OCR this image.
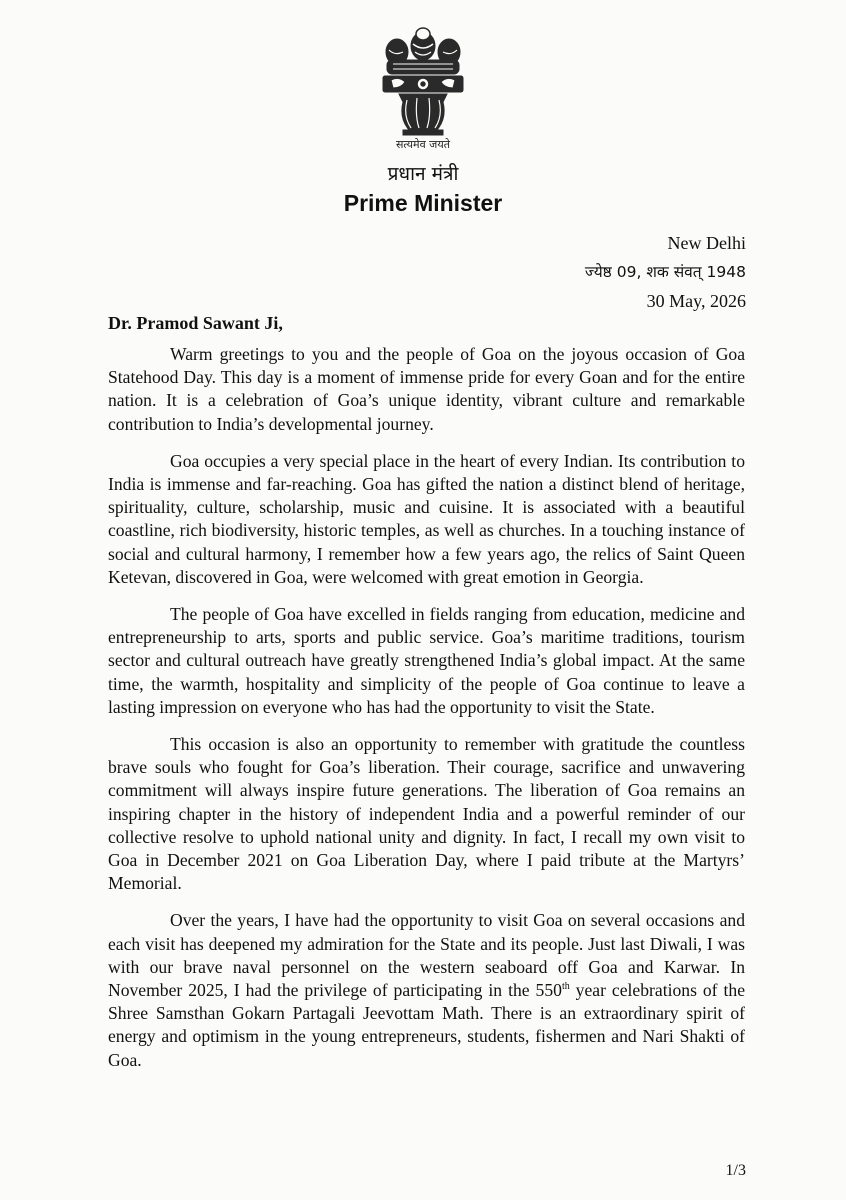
सत्यमेव जयते
प्रधान मंत्री
Prime Minister
New Delhi
ज्येष्ठ 09, शक संवत् 1948
30 May, 2026
Dr. Pramod Sawant Ji,

Warm greetings to you and the people of Goa on the joyous occasion of Goa Statehood Day. This day is a moment of immense pride for every Goan and for the entire nation. It is a celebration of Goa’s unique identity, vibrant culture and remarkable contribution to India’s developmental journey.

Goa occupies a very special place in the heart of every Indian. Its contribution to India is immense and far-reaching. Goa has gifted the nation a distinct blend of heritage, spirituality, culture, scholarship, music and cuisine. It is associated with a beautiful coastline, rich biodiversity, historic temples, as well as churches. In a touching instance of social and cultural harmony, I remember how a few years ago, the relics of Saint Queen Ketevan, discovered in Goa, were welcomed with great emotion in Georgia.

The people of Goa have excelled in fields ranging from education, medicine and entrepreneurship to arts, sports and public service. Goa’s maritime traditions, tourism sector and cultural outreach have greatly strengthened India’s global impact. At the same time, the warmth, hospitality and simplicity of the people of Goa continue to leave a lasting impression on everyone who has had the opportunity to visit the State.

This occasion is also an opportunity to remember with gratitude the countless brave souls who fought for Goa’s liberation. Their courage, sacrifice and unwavering commitment will always inspire future generations. The liberation of Goa remains an inspiring chapter in the history of independent India and a powerful reminder of our collective resolve to uphold national unity and dignity. In fact, I recall my own visit to Goa in December 2021 on Goa Liberation Day, where I paid tribute at the Martyrs’ Memorial.

Over the years, I have had the opportunity to visit Goa on several occasions and each visit has deepened my admiration for the State and its people. Just last Diwali, I was with our brave naval personnel on the western seaboard off Goa and Karwar. In November 2025, I had the privilege of participating in the 550th year celebrations of the Shree Samsthan Gokarn Partagali Jeevottam Math. There is an extraordinary spirit of energy and optimism in the young entrepreneurs, students, fishermen and Nari Shakti of Goa.

1/3
